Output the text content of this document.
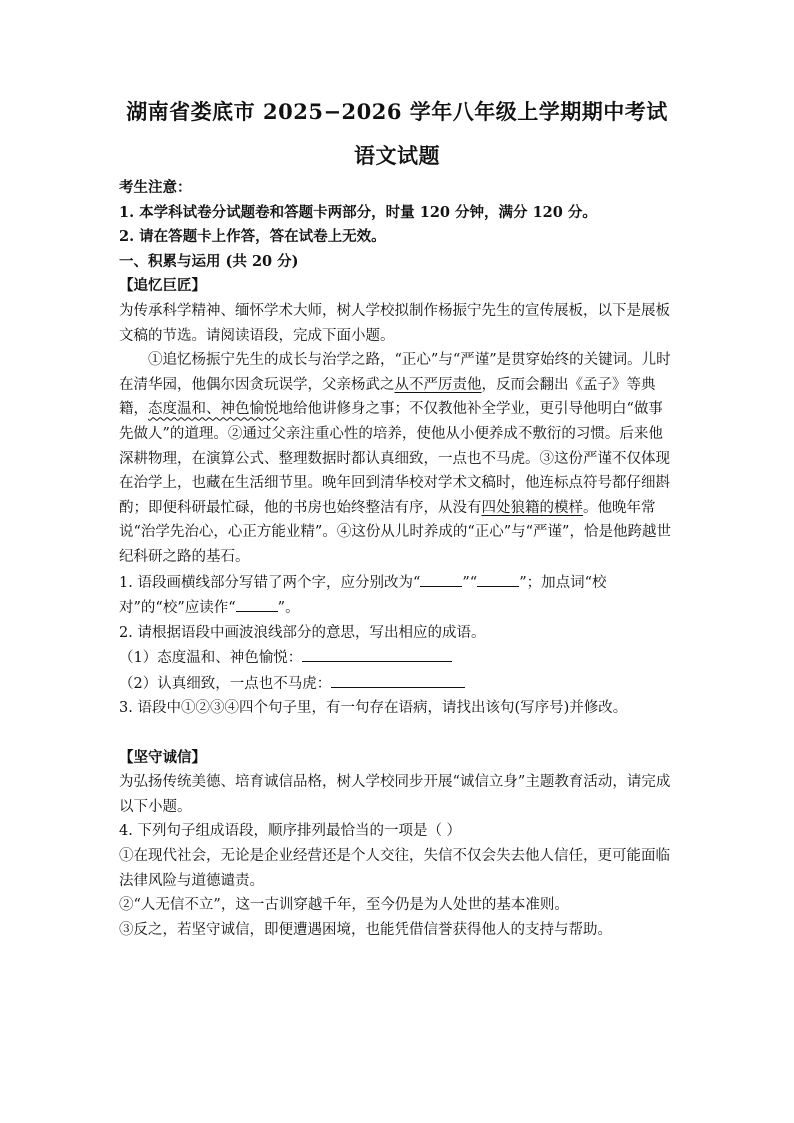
湖南省娄底市 2025−2026 学年八年级上学期期中考试
语文试题

考生注意：

1. 本学科试卷分试题卷和答题卡两部分，时量 120 分钟，满分 120 分。

2. 请在答题卡上作答，答在试卷上无效。

一、积累与运用 (共 20 分)

【追忆巨匠】

为传承科学精神、缅怀学术大师，树人学校拟制作杨振宁先生的宣传展板，以下是展板文稿的节选。请阅读语段，完成下面小题。

①追忆杨振宁先生的成长与治学之路，“正心”与“严谨”是贯穿始终的关键词。儿时在清华园，他偶尔因贪玩误学，父亲杨武之从不严厉责他，反而会翻出《孟子》等典籍，态度温和、神色愉悦地给他讲修身之事；不仅教他补全学业，更引导他明白“做事先做人”的道理。②通过父亲注重心性的培养，使他从小便养成不敷衍的习惯。后来他深耕物理，在演算公式、整理数据时都认真细致，一点也不马虎。③这份严谨不仅体现在治学上，也藏在生活细节里。晚年回到清华校对学术文稿时，他连标点符号都仔细斟酌；即便科研最忙碌，他的书房也始终整洁有序，从没有四处狼籍的模样。他晚年常说“治学先治心，心正方能业精”。④这份从儿时养成的“正心”与“严谨”，恰是他跨越世纪科研之路的基石。

1. 语段画横线部分写错了两个字，应分别改为“	”“	”；加点词“校对”的“校”应读作“	”。

2. 请根据语段中画波浪线部分的意思，写出相应的成语。

（1）态度温和、神色愉悦：

（2）认真细致，一点也不马虎：

3. 语段中①②③④四个句子里，有一句存在语病，请找出该句(写序号)并修改。

【坚守诚信】

为弘扬传统美德、培育诚信品格，树人学校同步开展“诚信立身”主题教育活动，请完成以下小题。

4. 下列句子组成语段，顺序排列最恰当的一项是（ ）

①在现代社会，无论是企业经营还是个人交往，失信不仅会失去他人信任，更可能面临法律风险与道德谴责。

②“人无信不立”，这一古训穿越千年，至今仍是为人处世的基本准则。

③反之，若坚守诚信，即便遭遇困境，也能凭借信誉获得他人的支持与帮助。
